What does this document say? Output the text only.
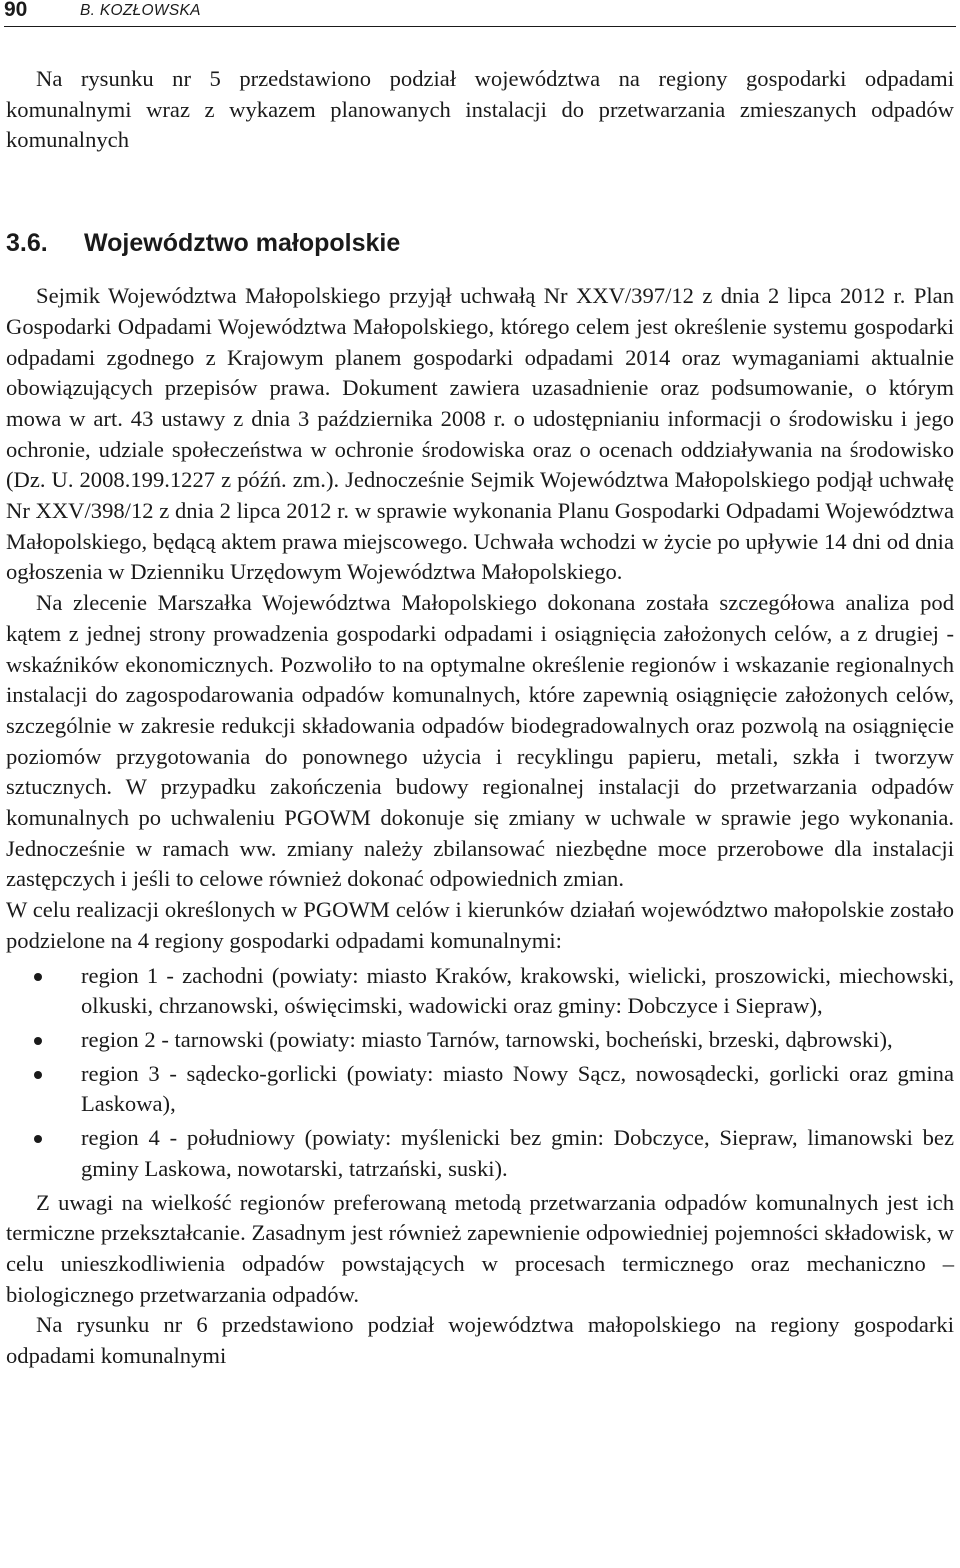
90	B. KOZŁOWSKA

Na rysunku nr 5 przedstawiono podział województwa na regiony gospodarki odpadami komunalnymi wraz z wykazem planowanych instalacji do przetwarzania zmieszanych odpadów komunalnych

3.6. Województwo małopolskie

Sejmik Województwa Małopolskiego przyjął uchwałą Nr XXV/397/12 z dnia 2 lipca 2012 r. Plan Gospodarki Odpadami Województwa Małopolskiego, którego celem jest określenie systemu gospodarki odpadami zgodnego z Krajowym planem gospodarki odpadami 2014 oraz wymaganiami aktualnie obowiązujących przepisów prawa. Dokument zawiera uzasadnienie oraz podsumowanie, o którym mowa w art. 43 ustawy z dnia 3 października 2008 r. o udostępnianiu informacji o środowisku i jego ochronie, udziale społeczeństwa w ochronie środowiska oraz o ocenach oddziaływania na środowisko (Dz. U. 2008.199.1227 z późń. zm.). Jednocześnie Sejmik Województwa Małopolskiego podjął uchwałę Nr XXV/398/12 z dnia 2 lipca 2012 r. w sprawie wykonania Planu Gospodarki Odpadami Województwa Małopolskiego, będącą aktem prawa miejscowego. Uchwała wchodzi w życie po upływie 14 dni od dnia ogłoszenia w Dzienniku Urzędowym Województwa Małopolskiego.

Na zlecenie Marszałka Województwa Małopolskiego dokonana została szczegółowa analiza pod kątem z jednej strony prowadzenia gospodarki odpadami i osiągnięcia założonych celów, a z drugiej - wskaźników ekonomicznych. Pozwoliło to na optymalne określenie regionów i wskazanie regionalnych instalacji do zagospodarowania odpadów komunalnych, które zapewnią osiągnięcie założonych celów, szczególnie w zakresie redukcji składowania odpadów biodegradowalnych oraz pozwolą na osiągnięcie poziomów przygotowania do ponownego użycia i recyklingu papieru, metali, szkła i tworzyw sztucznych. W przypadku zakończenia budowy regionalnej instalacji do przetwarzania odpadów komunalnych po uchwaleniu PGOWM dokonuje się zmiany w uchwale w sprawie jego wykonania. Jednocześnie w ramach ww. zmiany należy zbilansować niezbędne moce przerobowe dla instalacji zastępczych i jeśli to celowe również dokonać odpowiednich zmian.

W celu realizacji określonych w PGOWM celów i kierunków działań województwo małopolskie zostało podzielone na 4 regiony gospodarki odpadami komunalnymi:

region 1 - zachodni (powiaty: miasto Kraków, krakowski, wielicki, proszowicki, miechowski, olkuski, chrzanowski, oświęcimski, wadowicki oraz gminy: Dobczyce i Siepraw),
region 2 - tarnowski (powiaty: miasto Tarnów, tarnowski, bocheński, brzeski, dąbrowski),
region 3 - sądecko-gorlicki (powiaty: miasto Nowy Sącz, nowosądecki, gorlicki oraz gmina Laskowa),
region 4 - południowy (powiaty: myślenicki bez gmin: Dobczyce, Siepraw, limanowski bez gminy Laskowa, nowotarski, tatrzański, suski).

Z uwagi na wielkość regionów preferowaną metodą przetwarzania odpadów komunalnych jest ich termiczne przekształcanie. Zasadnym jest również zapewnienie odpowiedniej pojemności składowisk, w celu unieszkodliwienia odpadów powstających w procesach termicznego oraz mechaniczno – biologicznego przetwarzania odpadów.

Na rysunku nr 6 przedstawiono podział województwa małopolskiego na regiony gospodarki odpadami komunalnymi
